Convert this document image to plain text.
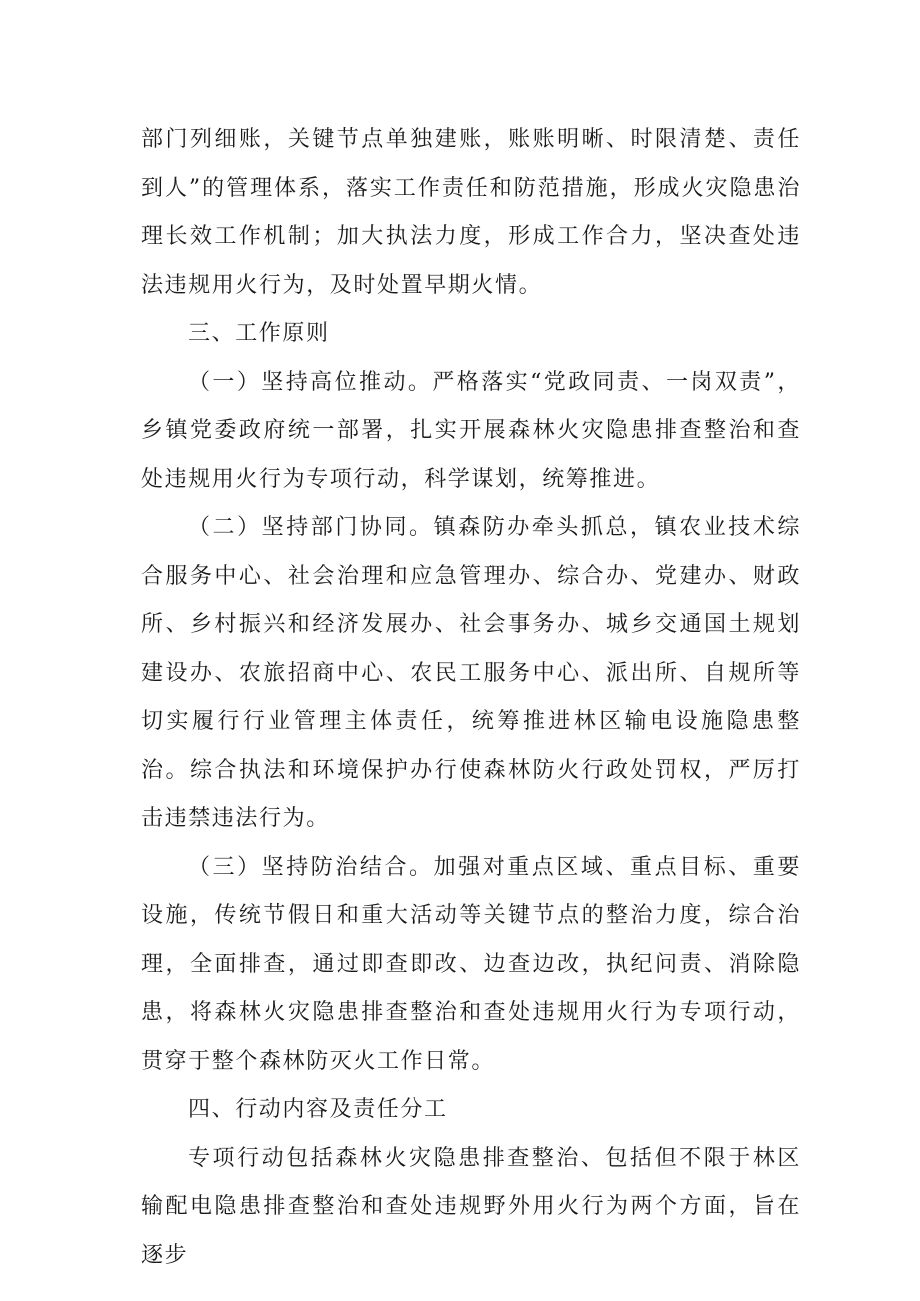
部门列细账，关键节点单独建账，账账明晰、时限清楚、责任到人”的管理体系，落实工作责任和防范措施，形成火灾隐患治理长效工作机制；加大执法力度，形成工作合力，坚决查处违法违规用火行为，及时处置早期火情。

三、工作原则

（一）坚持高位推动。严格落实“党政同责、一岗双责”，乡镇党委政府统一部署，扎实开展森林火灾隐患排查整治和查处违规用火行为专项行动，科学谋划，统筹推进。

（二）坚持部门协同。镇森防办牵头抓总，镇农业技术综合服务中心、社会治理和应急管理办、综合办、党建办、财政所、乡村振兴和经济发展办、社会事务办、城乡交通国土规划建设办、农旅招商中心、农民工服务中心、派出所、自规所等切实履行行业管理主体责任，统筹推进林区输电设施隐患整治。综合执法和环境保护办行使森林防火行政处罚权，严厉打击违禁违法行为。

（三）坚持防治结合。加强对重点区域、重点目标、重要设施，传统节假日和重大活动等关键节点的整治力度，综合治理，全面排查，通过即查即改、边查边改，执纪问责、消除隐患，将森林火灾隐患排查整治和查处违规用火行为专项行动，贯穿于整个森林防灭火工作日常。

四、行动内容及责任分工

专项行动包括森林火灾隐患排查整治、包括但不限于林区输配电隐患排查整治和查处违规野外用火行为两个方面，旨在逐步
